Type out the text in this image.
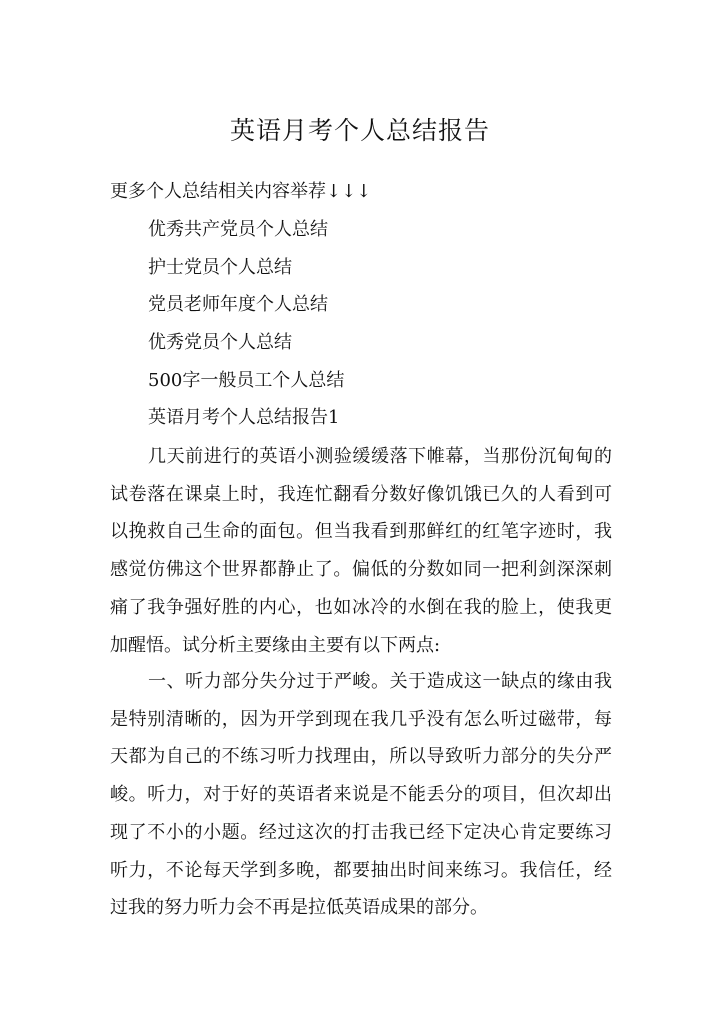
英语月考个人总结报告

更多个人总结相关内容举荐↓↓↓

优秀共产党员个人总结

护士党员个人总结

党员老师年度个人总结

优秀党员个人总结

500字一般员工个人总结

英语月考个人总结报告1

几天前进行的英语小测验缓缓落下帷幕，当那份沉甸甸的试卷落在课桌上时，我连忙翻看分数好像饥饿已久的人看到可以挽救自己生命的面包。但当我看到那鲜红的红笔字迹时，我感觉仿佛这个世界都静止了。偏低的分数如同一把利剑深深刺痛了我争强好胜的内心，也如冰冷的水倒在我的脸上，使我更加醒悟。试分析主要缘由主要有以下两点:

一、听力部分失分过于严峻。关于造成这一缺点的缘由我是特别清晰的，因为开学到现在我几乎没有怎么听过磁带，每天都为自己的不练习听力找理由，所以导致听力部分的失分严峻。听力，对于好的英语者来说是不能丢分的项目，但次却出现了不小的小题。经过这次的打击我已经下定决心肯定要练习听力，不论每天学到多晚，都要抽出时间来练习。我信任，经过我的努力听力会不再是拉低英语成果的部分。
